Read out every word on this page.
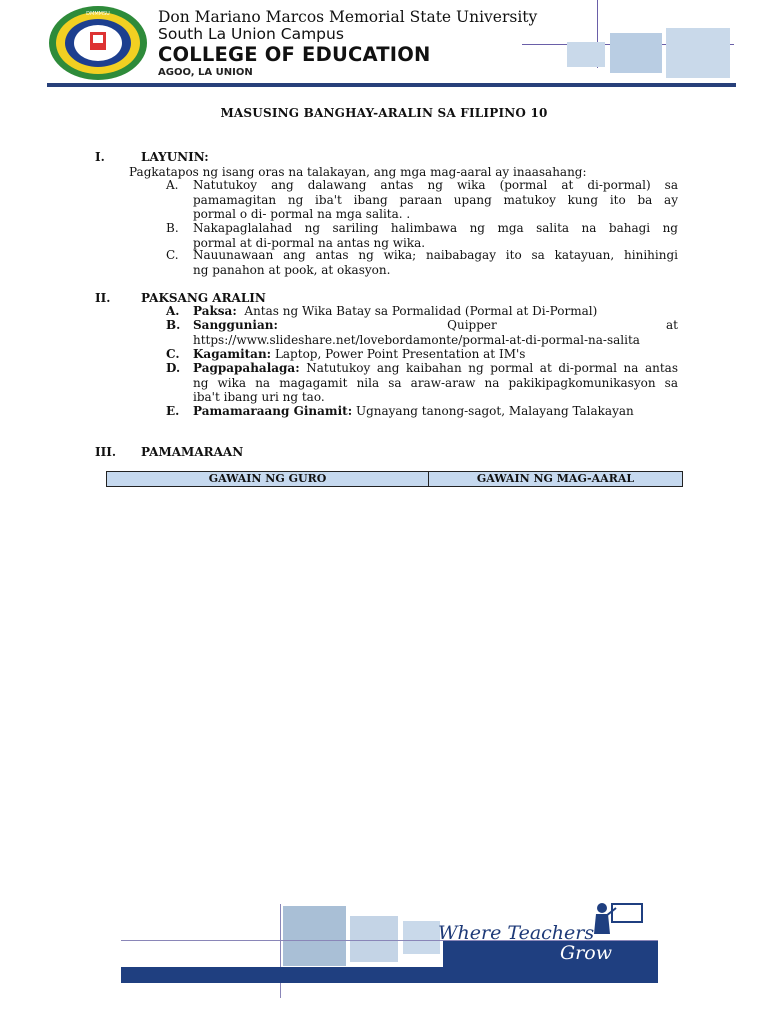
DMMMSU	Don Mariano Marcos Memorial State University
South La Union Campus
COLLEGE OF EDUCATION
AGOO, LA UNION
MASUSING BANGHAY-ARALIN SA FILIPINO 10
I.	LAYUNIN:
Pagkatapos ng isang oras na talakayan, ang mga mag-aaral ay inaasahang:
A. Natutukoy ang dalawang antas ng wika (pormal at di-pormal) sa
pamamagitan ng iba't ibang paraan upang matukoy kung ito ba ay
pormal o di- pormal na mga salita. .
B. Nakapaglalahad ng sariling halimbawa ng mga salita na bahagi ng
pormal at di-pormal na antas ng wika.
C. Nauunawaan ang antas ng wika; naibabagay ito sa katayuan, hinihingi
ng panahon at pook, at okasyon.
II.	PAKSANG ARALIN
A. Paksa: Antas ng Wika Batay sa Pormalidad (Pormal at Di-Pormal)
B. Sanggunian:	Quipper	at
https://www.slideshare.net/lovebordamonte/pormal-at-di-pormal-na-salita
C. Kagamitan: Laptop, Power Point Presentation at IM's
D. Pagpapahalaga: Natutukoy ang kaibahan ng pormal at di-pormal na antas
ng wika na magagamit nila sa araw-araw na pakikipagkomunikasyon sa
iba't ibang uri ng tao.
E. Pamamaraang Ginamit: Ugnayang tanong-sagot, Malayang Talakayan
III. PAMAMARAAN
GAWAIN NG GURO	GAWAIN NG MAG-AARAL
Where Teachers
Grow
